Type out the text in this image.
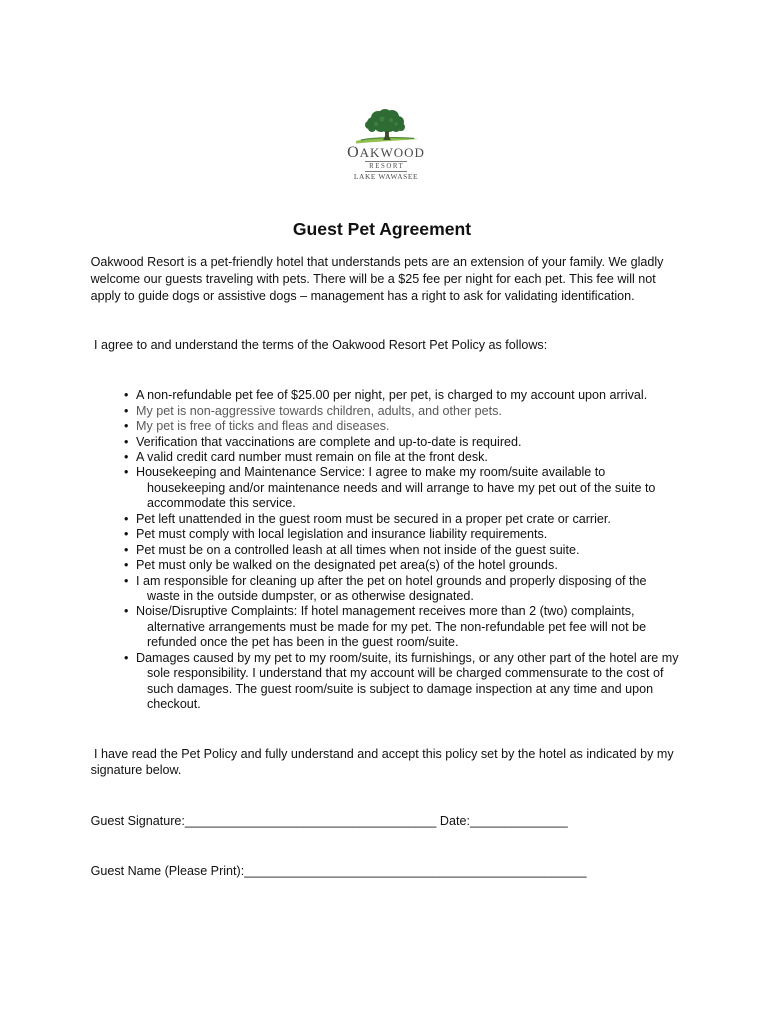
OAKWOOD
RESORT
LAKE WAWASEE
Guest Pet Agreement
Oakwood Resort is a pet-friendly hotel that understands pets are an extension of your family. We gladly
welcome our guests traveling with pets. There will be a $25 fee per night for each pet. This fee will not
apply to guide dogs or assistive dogs – management has a right to ask for validating identification.
I agree to and understand the terms of the Oakwood Resort Pet Policy as follows:
• A non-refundable pet fee of $25.00 per night, per pet, is charged to my account upon arrival.
• My pet is non-aggressive towards children, adults, and other pets.
• My pet is free of ticks and fleas and diseases.
• Verification that vaccinations are complete and up-to-date is required.
• A valid credit card number must remain on file at the front desk.
• Housekeeping and Maintenance Service: I agree to make my room/suite available to
housekeeping and/or maintenance needs and will arrange to have my pet out of the suite to
accommodate this service.
• Pet left unattended in the guest room must be secured in a proper pet crate or carrier.
• Pet must comply with local legislation and insurance liability requirements.
• Pet must be on a controlled leash at all times when not inside of the guest suite.
• Pet must only be walked on the designated pet area(s) of the hotel grounds.
• I am responsible for cleaning up after the pet on hotel grounds and properly disposing of the
waste in the outside dumpster, or as otherwise designated.
• Noise/Disruptive Complaints: If hotel management receives more than 2 (two) complaints,
alternative arrangements must be made for my pet. The non-refundable pet fee will not be
refunded once the pet has been in the guest room/suite.
• Damages caused by my pet to my room/suite, its furnishings, or any other part of the hotel are my
sole responsibility. I understand that my account will be charged commensurate to the cost of
such damages. The guest room/suite is subject to damage inspection at any time and upon
checkout.
I have read the Pet Policy and fully understand and accept this policy set by the hotel as indicated by my
signature below.
Guest Signature:____________________________________ Date:______________
Guest Name (Please Print):_________________________________________________
